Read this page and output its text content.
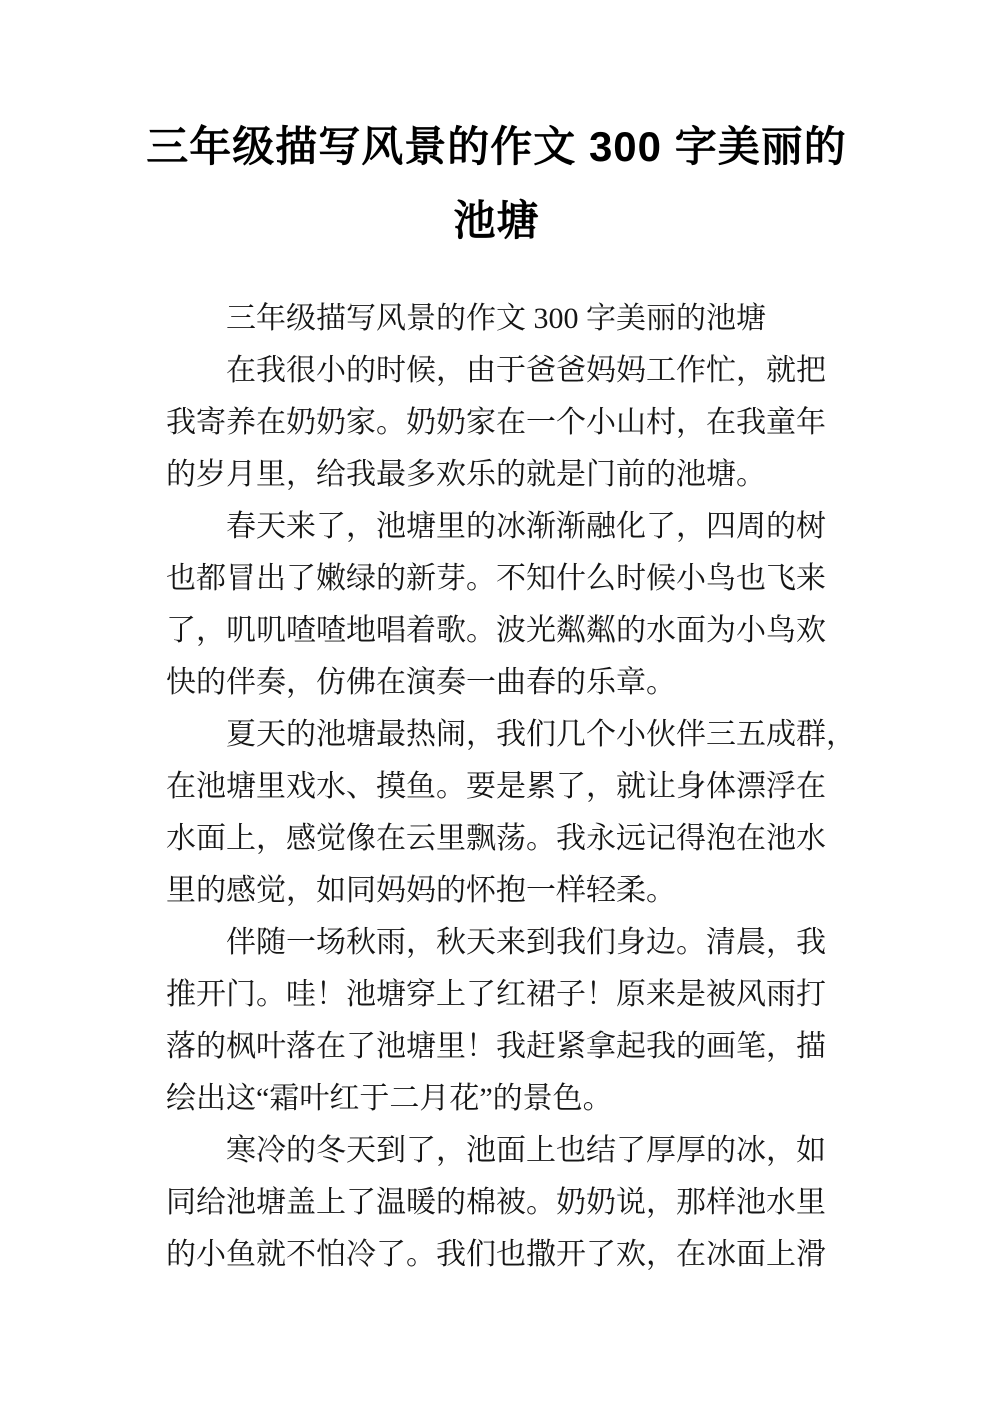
三年级描写风景的作文 300 字美丽的
池塘
　　三年级描写风景的作文 300 字美丽的池塘
　　在我很小的时候，由于爸爸妈妈工作忙，就把
我寄养在奶奶家。奶奶家在一个小山村，在我童年
的岁月里，给我最多欢乐的就是门前的池塘。
　　春天来了，池塘里的冰渐渐融化了，四周的树
也都冒出了嫩绿的新芽。不知什么时候小鸟也飞来
了，叽叽喳喳地唱着歌。波光粼粼的水面为小鸟欢
快的伴奏，仿佛在演奏一曲春的乐章。
　　夏天的池塘最热闹，我们几个小伙伴三五成群，
在池塘里戏水、摸鱼。要是累了，就让身体漂浮在
水面上，感觉像在云里飘荡。我永远记得泡在池水
里的感觉，如同妈妈的怀抱一样轻柔。
　　伴随一场秋雨，秋天来到我们身边。清晨，我
推开门。哇！池塘穿上了红裙子！原来是被风雨打
落的枫叶落在了池塘里！我赶紧拿起我的画笔，描
绘出这“霜叶红于二月花”的景色。
　　寒冷的冬天到了，池面上也结了厚厚的冰，如
同给池塘盖上了温暖的棉被。奶奶说，那样池水里
的小鱼就不怕冷了。我们也撒开了欢，在冰面上滑
